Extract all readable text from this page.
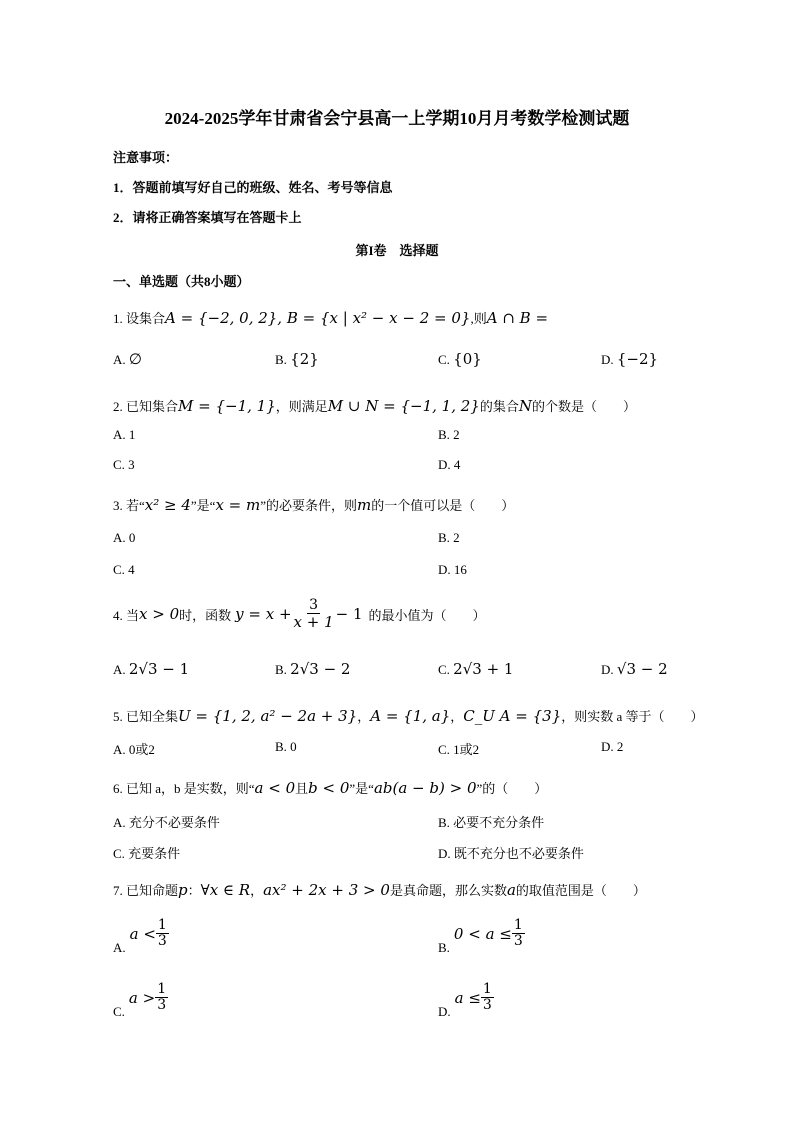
2024-2025学年甘肃省会宁县高一上学期10月月考数学检测试题
注意事项：
1．答题前填写好自己的班级、姓名、考号等信息
2．请将正确答案填写在答题卡上
第I卷　选择题
一、单选题（共8小题）
1. 设集合A = {−2, 0, 2}, B = {x | x² − x − 2 = 0},则A ∩ B =
A. ∅	B. {2}	C. {0}	D. {−2}
2. 已知集合M = {−1, 1}，则满足M ∪ N = {−1, 1, 2}的集合N的个数是（　　）
A. 1	B. 2
C. 3	D. 4
3. 若“x² ≥ 4”是“x = m”的必要条件，则m的一个值可以是（　　）
A. 0	B. 2
C. 4	D. 16
4. 当 x > 0 时，函数 $y = x + \frac{3}{x + 1} - 1$ 的最小值为（　　）
A. 2√3 − 1	B. 2√3 − 2	C. 2√3 + 1	D. √3 − 2
5. 已知全集U = {1, 2, a² − 2a + 3}，A = {1, a}，C_U A = {3}，则实数 a 等于（　　）
A. 0或2	B. 0	C. 1或2	D. 2
6. 已知 a，b 是实数，则“a < 0且b < 0”是“ab(a − b) > 0”的（　　）
A. 充分不必要条件	B. 必要不充分条件
C. 充要条件	D. 既不充分也不必要条件
7. 已知命题p：∀x ∈ R，ax² + 2x + 3 > 0是真命题，那么实数a的取值范围是（　　）
A.
$a < \frac{1}{3}$	B.
$0 < a \le \frac{1}{3}$
C.
$a > \frac{1}{3}$	D.
$a \le \frac{1}{3}$
